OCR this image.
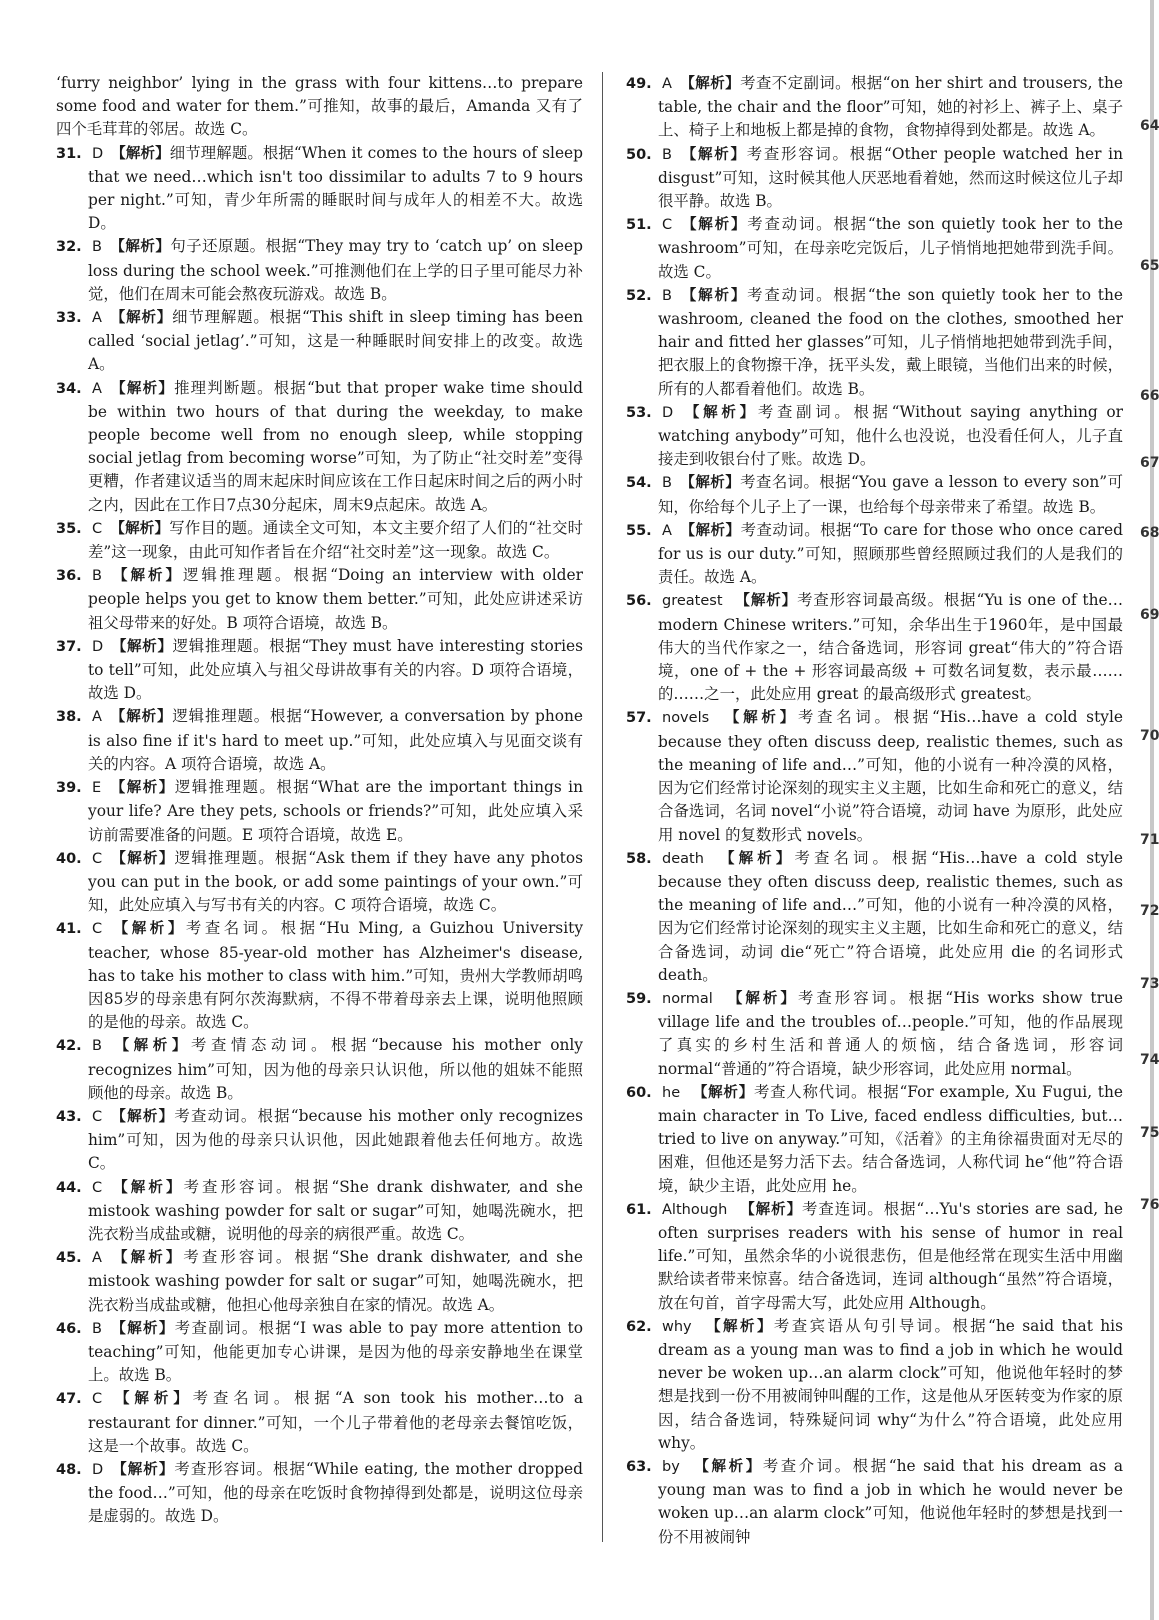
‘furry neighbor’ lying in the grass with four kittens…to prepare some food and water for them.”可推知，故事的最后，Amanda 又有了四个毛茸茸的邻居。故选 C。

31. D 【解析】细节理解题。根据“When it comes to the hours of sleep that we need…which isn't too dissimilar to adults 7 to 9 hours per night.”可知，青少年所需的睡眠时间与成年人的相差不大。故选 D。

32. B 【解析】句子还原题。根据“They may try to ‘catch up’ on sleep loss during the school week.”可推测他们在上学的日子里可能尽力补觉，他们在周末可能会熬夜玩游戏。故选 B。

33. A 【解析】细节理解题。根据“This shift in sleep timing has been called ‘social jetlag’.”可知，这是一种睡眠时间安排上的改变。故选 A。

34. A 【解析】推理判断题。根据“but that proper wake time should be within two hours of that during the weekday, to make people become well from no enough sleep, while stopping social jetlag from becoming worse”可知，为了防止“社交时差”变得更糟，作者建议适当的周末起床时间应该在工作日起床时间之后的两小时之内，因此在工作日7点30分起床，周末9点起床。故选 A。

35. C 【解析】写作目的题。通读全文可知，本文主要介绍了人们的“社交时差”这一现象，由此可知作者旨在介绍“社交时差”这一现象。故选 C。

36. B 【解析】逻辑推理题。根据“Doing an interview with older people helps you get to know them better.”可知，此处应讲述采访祖父母带来的好处。B 项符合语境，故选 B。

37. D 【解析】逻辑推理题。根据“They must have interesting stories to tell”可知，此处应填入与祖父母讲故事有关的内容。D 项符合语境，故选 D。

38. A 【解析】逻辑推理题。根据“However, a conversation by phone is also fine if it's hard to meet up.”可知，此处应填入与见面交谈有关的内容。A 项符合语境，故选 A。

39. E 【解析】逻辑推理题。根据“What are the important things in your life? Are they pets, schools or friends?”可知，此处应填入采访前需要准备的问题。E 项符合语境，故选 E。

40. C 【解析】逻辑推理题。根据“Ask them if they have any photos you can put in the book, or add some paintings of your own.”可知，此处应填入与写书有关的内容。C 项符合语境，故选 C。

41. C 【解析】考查名词。根据“Hu Ming, a Guizhou University teacher, whose 85-year-old mother has Alzheimer's disease, has to take his mother to class with him.”可知，贵州大学教师胡鸣因85岁的母亲患有阿尔茨海默病，不得不带着母亲去上课，说明他照顾的是他的母亲。故选 C。

42. B 【解析】考查情态动词。根据“because his mother only recognizes him”可知，因为他的母亲只认识他，所以他的姐妹不能照顾他的母亲。故选 B。

43. C 【解析】考查动词。根据“because his mother only recognizes him”可知，因为他的母亲只认识他，因此她跟着他去任何地方。故选 C。

44. C 【解析】考查形容词。根据“She drank dishwater, and she mistook washing powder for salt or sugar”可知，她喝洗碗水，把洗衣粉当成盐或糖，说明他的母亲的病很严重。故选 C。

45. A 【解析】考查形容词。根据“She drank dishwater, and she mistook washing powder for salt or sugar”可知，她喝洗碗水，把洗衣粉当成盐或糖，他担心他母亲独自在家的情况。故选 A。

46. B 【解析】考查副词。根据“I was able to pay more attention to teaching”可知，他能更加专心讲课，是因为他的母亲安静地坐在课堂上。故选 B。

47. C 【解析】考查名词。根据“A son took his mother…to a restaurant for dinner.”可知，一个儿子带着他的老母亲去餐馆吃饭，这是一个故事。故选 C。

48. D 【解析】考查形容词。根据“While eating, the mother dropped the food…”可知，他的母亲在吃饭时食物掉得到处都是，说明这位母亲是虚弱的。故选 D。

49. A 【解析】考查不定副词。根据“on her shirt and trousers, the table, the chair and the floor”可知，她的衬衫上、裤子上、桌子上、椅子上和地板上都是掉的食物，食物掉得到处都是。故选 A。

50. B 【解析】考查形容词。根据“Other people watched her in disgust”可知，这时候其他人厌恶地看着她，然而这时候这位儿子却很平静。故选 B。

51. C 【解析】考查动词。根据“the son quietly took her to the washroom”可知，在母亲吃完饭后，儿子悄悄地把她带到洗手间。故选 C。

52. B 【解析】考查动词。根据“the son quietly took her to the washroom, cleaned the food on the clothes, smoothed her hair and fitted her glasses”可知，儿子悄悄地把她带到洗手间，把衣服上的食物擦干净，抚平头发，戴上眼镜，当他们出来的时候，所有的人都看着他们。故选 B。

53. D 【解析】考查副词。根据“Without saying anything or watching anybody”可知，他什么也没说，也没看任何人，儿子直接走到收银台付了账。故选 D。

54. B 【解析】考查名词。根据“You gave a lesson to every son”可知，你给每个儿子上了一课，也给每个母亲带来了希望。故选 B。

55. A 【解析】考查动词。根据“To care for those who once cared for us is our duty.”可知，照顾那些曾经照顾过我们的人是我们的责任。故选 A。

56. greatest 【解析】考查形容词最高级。根据“Yu is one of the…modern Chinese writers.”可知，余华出生于1960年，是中国最伟大的当代作家之一，结合备选词，形容词 great“伟大的”符合语境，one of + the + 形容词最高级 + 可数名词复数，表示最……的……之一，此处应用 great 的最高级形式 greatest。

57. novels 【解析】考查名词。根据“His…have a cold style because they often discuss deep, realistic themes, such as the meaning of life and…”可知，他的小说有一种冷漠的风格，因为它们经常讨论深刻的现实主义主题，比如生命和死亡的意义，结合备选词，名词 novel“小说”符合语境，动词 have 为原形，此处应用 novel 的复数形式 novels。

58. death 【解析】考查名词。根据“His…have a cold style because they often discuss deep, realistic themes, such as the meaning of life and…”可知，他的小说有一种冷漠的风格，因为它们经常讨论深刻的现实主义主题，比如生命和死亡的意义，结合备选词，动词 die“死亡”符合语境，此处应用 die 的名词形式 death。

59. normal 【解析】考查形容词。根据“His works show true village life and the troubles of…people.”可知，他的作品展现了真实的乡村生活和普通人的烦恼，结合备选词，形容词 normal“普通的”符合语境，缺少形容词，此处应用 normal。

60. he 【解析】考查人称代词。根据“For example, Xu Fugui, the main character in To Live, faced endless difficulties, but…tried to live on anyway.”可知，《活着》的主角徐福贵面对无尽的困难，但他还是努力活下去。结合备选词，人称代词 he“他”符合语境，缺少主语，此处应用 he。

61. Although 【解析】考查连词。根据“…Yu's stories are sad, he often surprises readers with his sense of humor in real life.”可知，虽然余华的小说很悲伤，但是他经常在现实生活中用幽默给读者带来惊喜。结合备选词，连词 although“虽然”符合语境，放在句首，首字母需大写，此处应用 Although。

62. why 【解析】考查宾语从句引导词。根据“he said that his dream as a young man was to find a job in which he would never be woken up…an alarm clock”可知，他说他年轻时的梦想是找到一份不用被闹钟叫醒的工作，这是他从牙医转变为作家的原因，结合备选词，特殊疑问词 why“为什么”符合语境，此处应用 why。

63. by 【解析】考查介词。根据“he said that his dream as a young man was to find a job in which he would never be woken up…an alarm clock”可知，他说他年轻时的梦想是找到一份不用被闹钟

64
65
66
67
68
69
70
71
72
73
74
75
76
